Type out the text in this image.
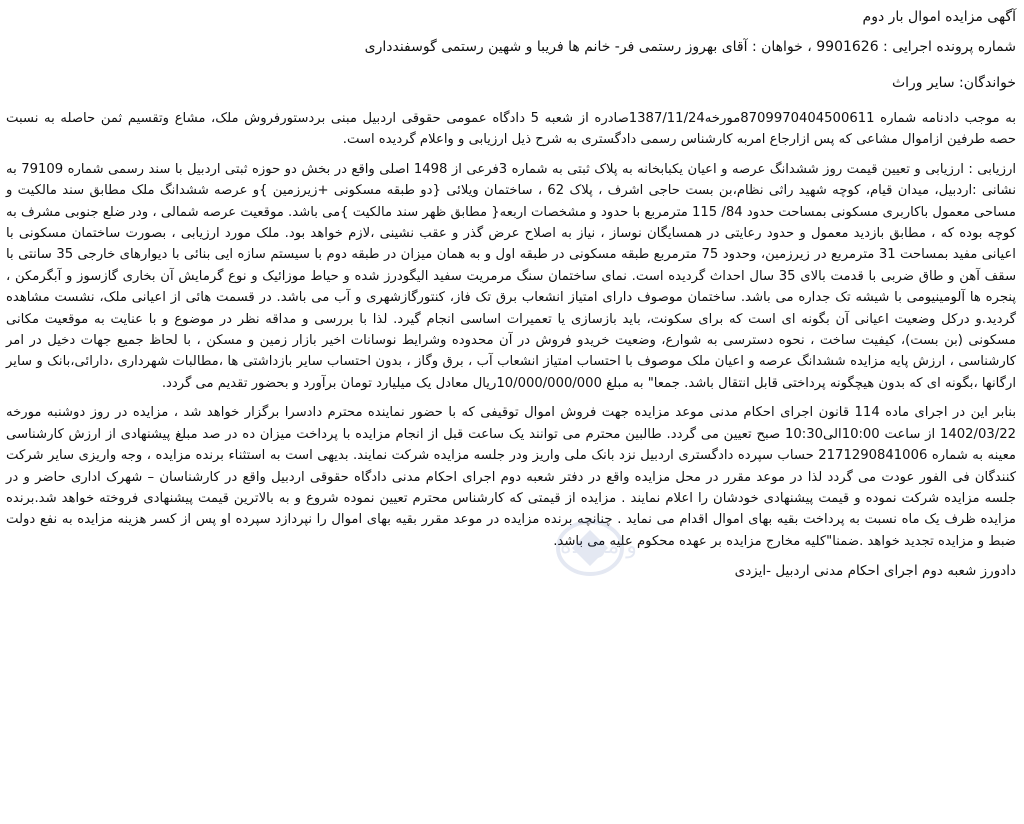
آگهی مزایده اموال بار دوم

شماره پرونده اجرایی : 9901626 ، خواهان : آقای بهروز رستمی فر- خانم ها فریبا و شهین رستمی گوسفندداری

خواندگان: سایر وراث

به موجب دادنامه شماره 8709970404500611مورخه1387/11/24صادره از شعبه 5 دادگاه عمومی حقوقی اردبیل مبنی بردستورفروش ملک، مشاع وتقسیم ثمن حاصله به نسبت حصه طرفین ازاموال مشاعی که پس ازارجاع امربه کارشناس رسمی دادگستری به شرح ذیل ارزیابی و واعلام گردیده است.

ارزیابی : ارزیابی و تعیین قیمت روز ششدانگ عرصه و اعیان یکبابخانه به پلاک ثبتی به شماره 3فرعی از 1498 اصلی واقع در بخش دو حوزه ثبتی اردبیل با سند رسمی شماره 79109 به نشانی :اردبیل، میدان قیام، کوچه شهید راثی نظام،بن بست حاجی اشرف ، پلاک 62 ، ساختمان ویلائی {دو طبقه مسکونی +زیرزمین }و عرصه ششدانگ ملک مطابق سند مالکیت و مساحی معمول باکاربری مسکونی بمساحت حدود 84/ 115 مترمربع با حدود و مشخصات اربعه{ مطابق ظهر سند مالکیت }می باشد. موقعیت عرصه شمالی ، ودر ضلع جنوبی مشرف به کوچه بوده که ، مطابق بازدید معمول و حدود رعایتی در همسایگان نوساز ، نیاز به اصلاح عرض گذر و عقب نشینی ،لازم خواهد بود. ملک مورد ارزیابی ، بصورت ساختمان مسکونی با اعیانی مفید بمساحت 31 مترمربع در زیرزمین، وحدود 75 مترمربع طبقه مسکونی در طبقه اول و به همان میزان در طبقه دوم با سیستم سازه ایی بنائی با دیوارهای خارجی 35 سانتی با سقف آهن و طاق ضربی با قدمت بالای 35 سال احداث گردیده است. نمای ساختمان سنگ مرمریت سفید الیگودرز شده و حیاط موزائیک و نوع گرمایش آن بخاری گازسوز و آبگرمکن ، پنجره ها آلومینیومی با شیشه تک جداره می باشد. ساختمان موصوف دارای امتیاز انشعاب برق تک فاز، کنتورگازشهری و آب می باشد. در قسمت هائی از اعیانی ملک، نشست مشاهده گردید.و درکل وضعیت اعیانی آن بگونه ای است که برای سکونت، باید بازسازی یا تعمیرات اساسی انجام گیرد. لذا با بررسی و مداقه نظر در موضوع و با عنایت به موقعیت مکانی مسکونی (بن بست)، کیفیت ساخت ، نحوه دسترسی به شوارع، وضعیت خریدو فروش در آن محدوده وشرایط نوسانات اخیر بازار زمین و مسکن ، با لحاظ جمیع جهات دخیل در امر کارشناسی ، ارزش پایه مزایده ششدانگ عرصه و اعیان ملک موصوف با احتساب امتیاز انشعاب آب ، برق وگاز ، بدون احتساب سایر بازداشتی ها ،مطالبات شهرداری ،دارائی،بانک و سایر ارگانها ،بگونه ای که بدون هیچگونه پرداختی قابل انتقال باشد. جمعا" به مبلغ 10/000/000/000ریال معادل یک میلیارد تومان برآورد و بحضور تقدیم می گردد.

بنابر این در اجرای ماده 114 قانون اجرای احکام مدنی موعد مزایده جهت فروش اموال توقیفی که با حضور نماینده محترم دادسرا برگزار خواهد شد ، مزایده در روز دوشنبه مورخه 1402/03/22 از ساعت 10:00الی10:30 صبح تعیین می گردد. طالبین محترم می توانند یک ساعت قبل از انجام مزایده با پرداخت میزان ده در صد مبلغ پیشنهادی از ارزش کارشناسی معینه به شماره 2171290841006 حساب سپرده دادگستری اردبیل نزد بانک ملی واریز ودر جلسه مزایده شرکت نمایند. بدیهی است به استثناء برنده مزایده ، وجه واریزی سایر شرکت کنندگان فی الفور عودت می گردد لذا در موعد مقرر در محل مزایده واقع در دفتر شعبه دوم اجرای احکام مدنی دادگاه حقوقی اردبیل واقع در کارشناسان – شهرک اداری حاضر و در جلسه مزایده شرکت نموده و قیمت پیشنهادی خودشان را اعلام نمایند . مزایده از قیمتی که کارشناس محترم تعیین نموده شروع و به بالاترین قیمت پیشنهادی فروخته خواهد شد.برنده مزایده ظرف یک ماه نسبت به پرداخت بقیه بهای اموال اقدام می نماید . چنانچه برنده مزایده در موعد مقرر بقیه بهای اموال را نپردازد سپرده او پس از کسر هزینه مزایده به نفع دولت ضبط و مزایده تجدید خواهد .ضمنا"کلیه مخارج مزایده بر عهده محکوم علیه می باشد.

دادورز شعبه دوم اجرای احکام مدنی اردبیل -ایزدی

و مزایده
